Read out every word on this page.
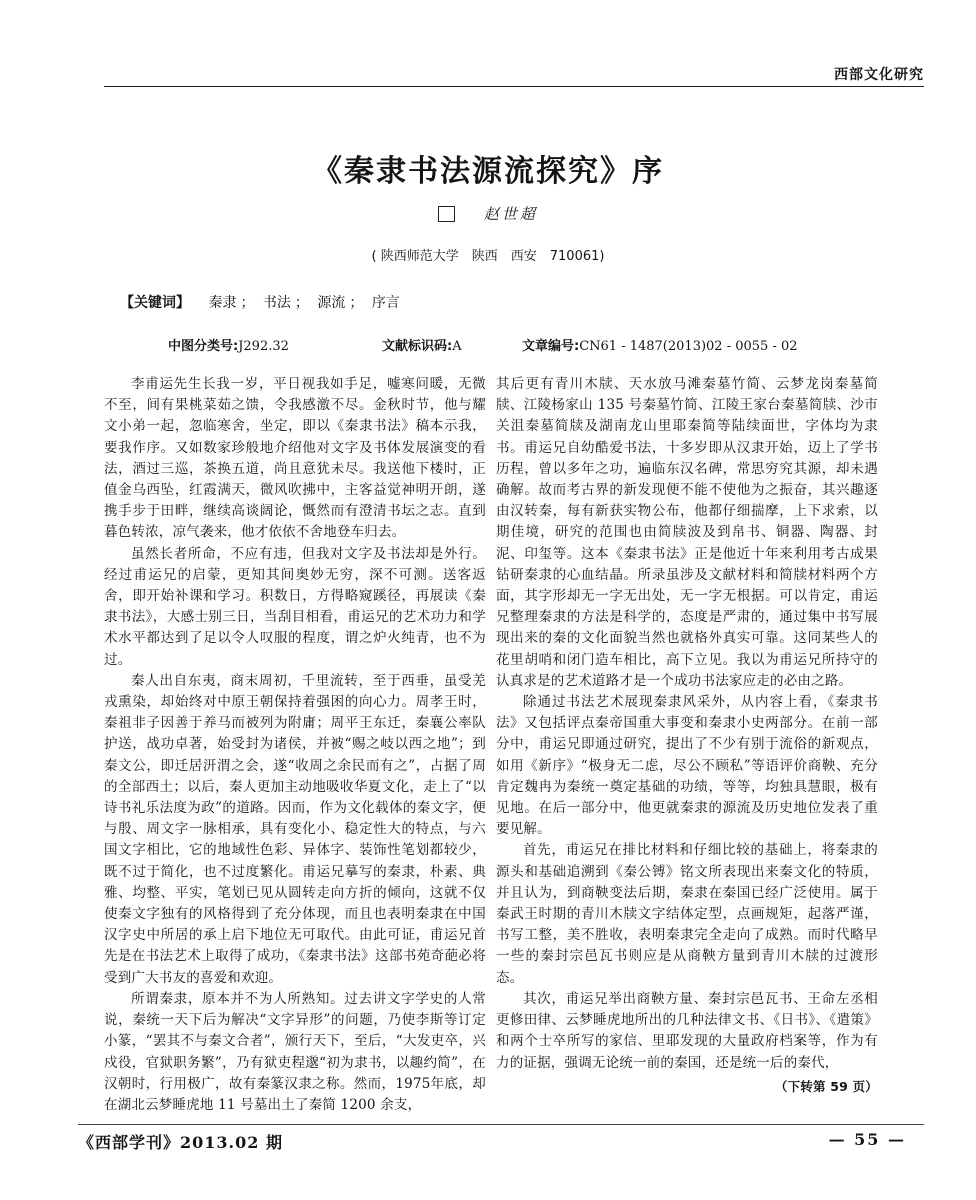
西部文化研究
《秦隶书法源流探究》序
赵世超
( 陕西师范大学　陕西　西安　710061)
【关键词】 秦隶 ； 书法 ； 源流 ； 序言
中图分类号:J292.32	文献标识码:A	文章编号:CN61 - 1487(2013)02 - 0055 - 02

李甫运先生长我一岁，平日视我如手足，嘘寒问暖，无微不至，间有果桃菜茹之馈，令我感激不尽。金秋时节，他与耀文小弟一起，忽临寒舍，坐定，即以《秦隶书法》稿本示我，要我作序。又如数家珍般地介绍他对文字及书体发展演变的看法，酒过三巡，茶换五道，尚且意犹未尽。我送他下楼时，正值金乌西坠，红霞满天，微风吹拂中，主客益觉神明开朗，遂携手步于田畔，继续高谈阔论，慨然而有澄清书坛之志。直到暮色转浓，凉气袭来，他才依依不舍地登车归去。

虽然长者所命，不应有违，但我对文字及书法却是外行。经过甫运兄的启蒙，更知其间奥妙无穷，深不可测。送客返舍，即开始补课和学习。积数日，方得略窥蹊径，再展读《秦隶书法》，大感士别三日，当刮目相看，甫运兄的艺术功力和学术水平都达到了足以令人叹服的程度，谓之炉火纯青，也不为过。

秦人出自东夷，商末周初，千里流转，至于西垂，虽受羌戎熏染，却始终对中原王朝保持着强困的向心力。周孝王时，秦祖非子因善于养马而被列为附庸；周平王东迁，秦襄公率队护送，战功卓著，始受封为诸侯，并被“赐之岐以西之地”；到秦文公，即迁居汧渭之会，遂“收周之余民而有之”，占据了周的全部西土；以后，秦人更加主动地吸收华夏文化，走上了“以诗书礼乐法度为政”的道路。因而，作为文化载体的秦文字，便与殷、周文字一脉相承，具有变化小、稳定性大的特点，与六国文字相比，它的地域性色彩、异体字、装饰性笔划都较少，既不过于简化，也不过度繁化。甫运兄摹写的秦隶，朴素、典雅、均整、平实，笔划已见从圆转走向方折的倾向，这就不仅使秦文字独有的风格得到了充分体现，而且也表明秦隶在中国汉字史中所居的承上启下地位无可取代。由此可证，甫运兄首先是在书法艺术上取得了成功，《秦隶书法》这部书苑奇葩必将受到广大书友的喜爱和欢迎。

所谓秦隶，原本并不为人所熟知。过去讲文字学史的人常说，秦统一天下后为解决“文字异形”的问题，乃使李斯等订定小篆，“罢其不与秦文合者”，颁行天下，至后，“大发吏卒，兴戍役，官狱职务繁”，乃有狱吏程邈“初为隶书，以趣约简”，在汉朝时，行用极广，故有秦篆汉隶之称。然而，1975年底，却在湖北云梦睡虎地 11 号墓出土了秦简 1200 余支，

其后更有青川木牍、天水放马滩秦墓竹简、云梦龙岗秦墓简牍、江陵杨家山 135 号秦墓竹简、江陵王家台秦墓简牍、沙市关沮秦墓简牍及湖南龙山里耶秦简等陆续面世，字体均为隶书。甫运兄自幼酷爱书法，十多岁即从汉隶开始，迈上了学书历程，曾以多年之功，遍临东汉名碑，常思穷究其源，却未遇确解。故而考古界的新发现便不能不使他为之振奋，其兴趣逐由汉转秦，每有新获实物公布，他都仔细揣摩，上下求索，以期佳境，研究的范围也由简牍波及到帛书、铜器、陶器、封泥、印玺等。这本《秦隶书法》正是他近十年来利用考古成果钻研秦隶的心血结晶。所录虽涉及文献材料和简牍材料两个方面，其字形却无一字无出处，无一字无根据。可以肯定，甫运兄整理秦隶的方法是科学的，态度是严肃的，通过集中书写展现出来的秦的文化面貌当然也就格外真实可靠。这同某些人的花里胡哨和闭门造车相比，高下立见。我以为甫运兄所持守的认真求是的艺术道路才是一个成功书法家应走的必由之路。

除通过书法艺术展现秦隶风采外，从内容上看，《秦隶书法》又包括评点秦帝国重大事变和秦隶小史两部分。在前一部分中，甫运兄即通过研究，提出了不少有别于流俗的新观点，如用《新序》“极身无二虑，尽公不顾私”等语评价商鞅、充分肯定魏冉为秦统一奠定基础的功绩，等等，均独具慧眼，极有见地。在后一部分中，他更就秦隶的源流及历史地位发表了重要见解。

首先，甫运兄在排比材料和仔细比较的基础上，将秦隶的源头和基础追溯到《秦公镈》铭文所表现出来秦文化的特质，并且认为，到商鞅变法后期，秦隶在秦国已经广泛使用。属于秦武王时期的青川木牍文字结体定型，点画规矩，起落严谨，书写工整，美不胜收，表明秦隶完全走向了成熟。而时代略早一些的秦封宗邑瓦书则应是从商鞅方量到青川木牍的过渡形态。

其次，甫运兄举出商鞅方量、秦封宗邑瓦书、王命左丞相更修田律、云梦睡虎地所出的几种法律文书、《日书》、《遣策》和两个士卒所写的家信、里耶发现的大量政府档案等，作为有力的证据，强调无论统一前的秦国，还是统一后的秦代，

（下转第 59 页）
《西部学刊》2013.02 期	— 55 —
